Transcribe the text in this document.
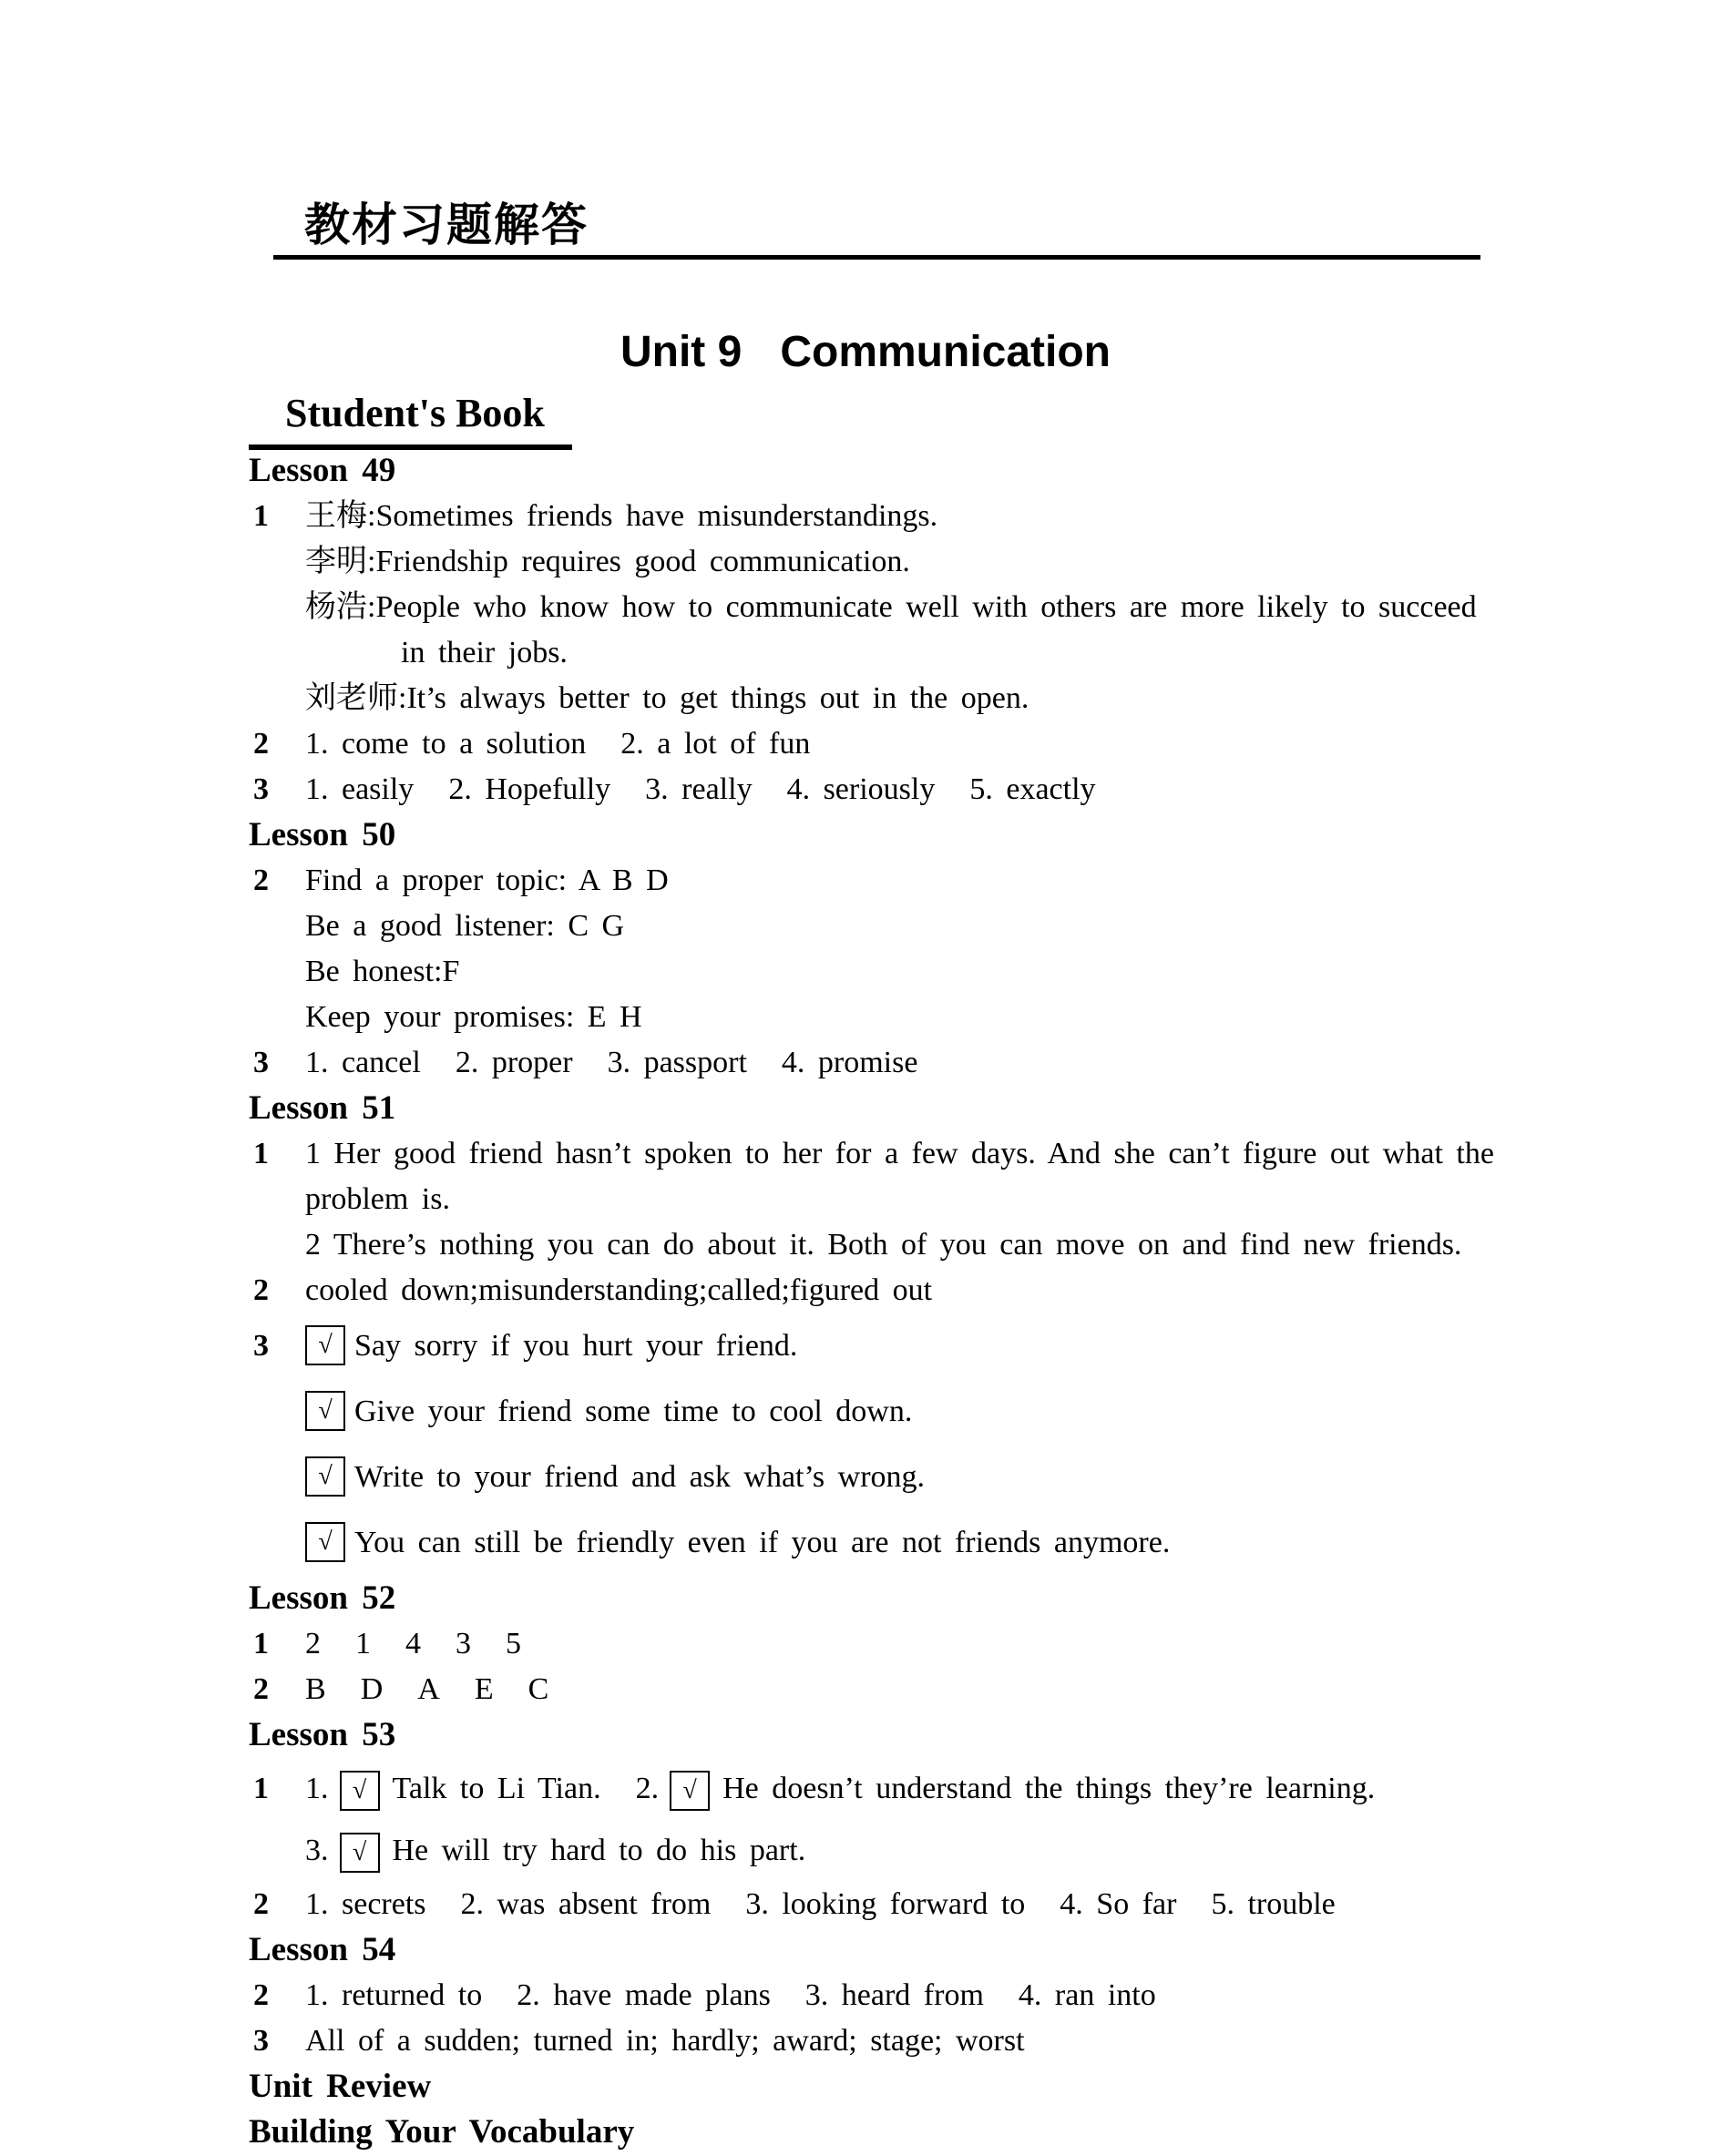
教材习题解答
Unit 9 Communication
Student's Book
Lesson 49
1 王梅:Sometimes friends have misunderstandings.
李明:Friendship requires good communication.
杨浩:People who know how to communicate well with others are more likely to succeed
in their jobs.
刘老师:It’s always better to get things out in the open.
2 1. come to a solution 2. a lot of fun
3 1. easily 2. Hopefully 3. really 4. seriously 5. exactly
Lesson 50
2 Find a proper topic: A B D
Be a good listener: C G
Be honest:F
Keep your promises: E H
3 1. cancel 2. proper 3. passport 4. promise
Lesson 51
1 1 Her good friend hasn’t spoken to her for a few days. And she can’t figure out what the
problem is.
2 There’s nothing you can do about it. Both of you can move on and find new friends.
2 cooled down;misunderstanding;called;figured out
3	√ Say sorry if you hurt your friend.
√ Give your friend some time to cool down.
√ Write to your friend and ask what’s wrong.
√ You can still be friendly even if you are not friends anymore.
Lesson 52
1 2 1 4 3 5
2 B D A E C
Lesson 53
1 1. √ Talk to Li Tian. 2. √ He doesn’t understand the things they’re learning.
3. √ He will try hard to do his part.
2 1. secrets 2. was absent from 3. looking forward to 4. So far 5. trouble
Lesson 54
2 1. returned to 2. have made plans 3. heard from 4. ran into
3 All of a sudden; turned in; hardly; award; stage; worst
Unit Review
Building Your Vocabulary
